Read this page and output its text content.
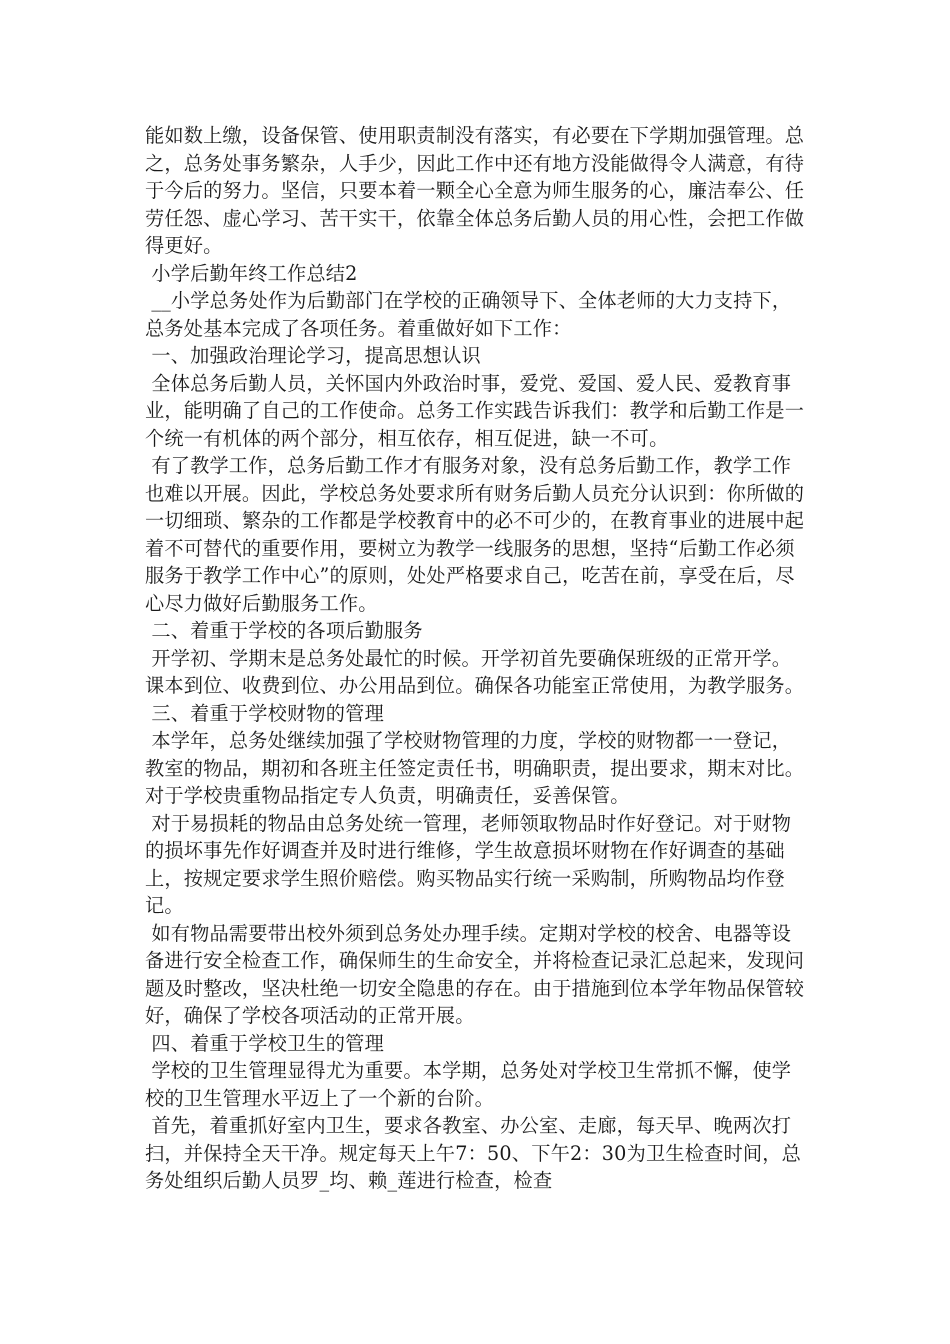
能如数上缴，设备保管、使用职责制没有落实，有必要在下学期加强管理。总之，总务处事务繁杂，人手少，因此工作中还有地方没能做得令人满意，有待于今后的努力。坚信，只要本着一颗全心全意为师生服务的心，廉洁奉公、任劳任怨、虚心学习、苦干实干，依靠全体总务后勤人员的用心性，会把工作做得更好。

小学后勤年终工作总结2

__小学总务处作为后勤部门在学校的正确领导下、全体老师的大力支持下，总务处基本完成了各项任务。着重做好如下工作：

一、加强政治理论学习，提高思想认识

全体总务后勤人员，关怀国内外政治时事，爱党、爱国、爱人民、爱教育事业，能明确了自己的工作使命。总务工作实践告诉我们：教学和后勤工作是一个统一有机体的两个部分，相互依存，相互促进，缺一不可。

有了教学工作，总务后勤工作才有服务对象，没有总务后勤工作，教学工作也难以开展。因此，学校总务处要求所有财务后勤人员充分认识到：你所做的一切细琐、繁杂的工作都是学校教育中的必不可少的，在教育事业的进展中起着不可替代的重要作用，要树立为教学一线服务的思想，坚持“后勤工作必须服务于教学工作中心”的原则，处处严格要求自己，吃苦在前，享受在后，尽心尽力做好后勤服务工作。

二、着重于学校的各项后勤服务

开学初、学期末是总务处最忙的时候。开学初首先要确保班级的正常开学。课本到位、收费到位、办公用品到位。确保各功能室正常使用，为教学服务。

三、着重于学校财物的管理

本学年，总务处继续加强了学校财物管理的力度，学校的财物都一一登记，教室的物品，期初和各班主任签定责任书，明确职责，提出要求，期末对比。对于学校贵重物品指定专人负责，明确责任，妥善保管。

对于易损耗的物品由总务处统一管理，老师领取物品时作好登记。对于财物的损坏事先作好调查并及时进行维修，学生故意损坏财物在作好调查的基础上，按规定要求学生照价赔偿。购买物品实行统一采购制，所购物品均作登记。

如有物品需要带出校外须到总务处办理手续。定期对学校的校舍、电器等设备进行安全检查工作，确保师生的生命安全，并将检查记录汇总起来，发现问题及时整改，坚决杜绝一切安全隐患的存在。由于措施到位本学年物品保管较好，确保了学校各项活动的正常开展。

四、着重于学校卫生的管理

学校的卫生管理显得尤为重要。本学期，总务处对学校卫生常抓不懈，使学校的卫生管理水平迈上了一个新的台阶。

首先，着重抓好室内卫生，要求各教室、办公室、走廊，每天早、晚两次打扫，并保持全天干净。规定每天上午7：50、下午2：30为卫生检查时间，总务处组织后勤人员罗_均、赖_莲进行检查，检查
